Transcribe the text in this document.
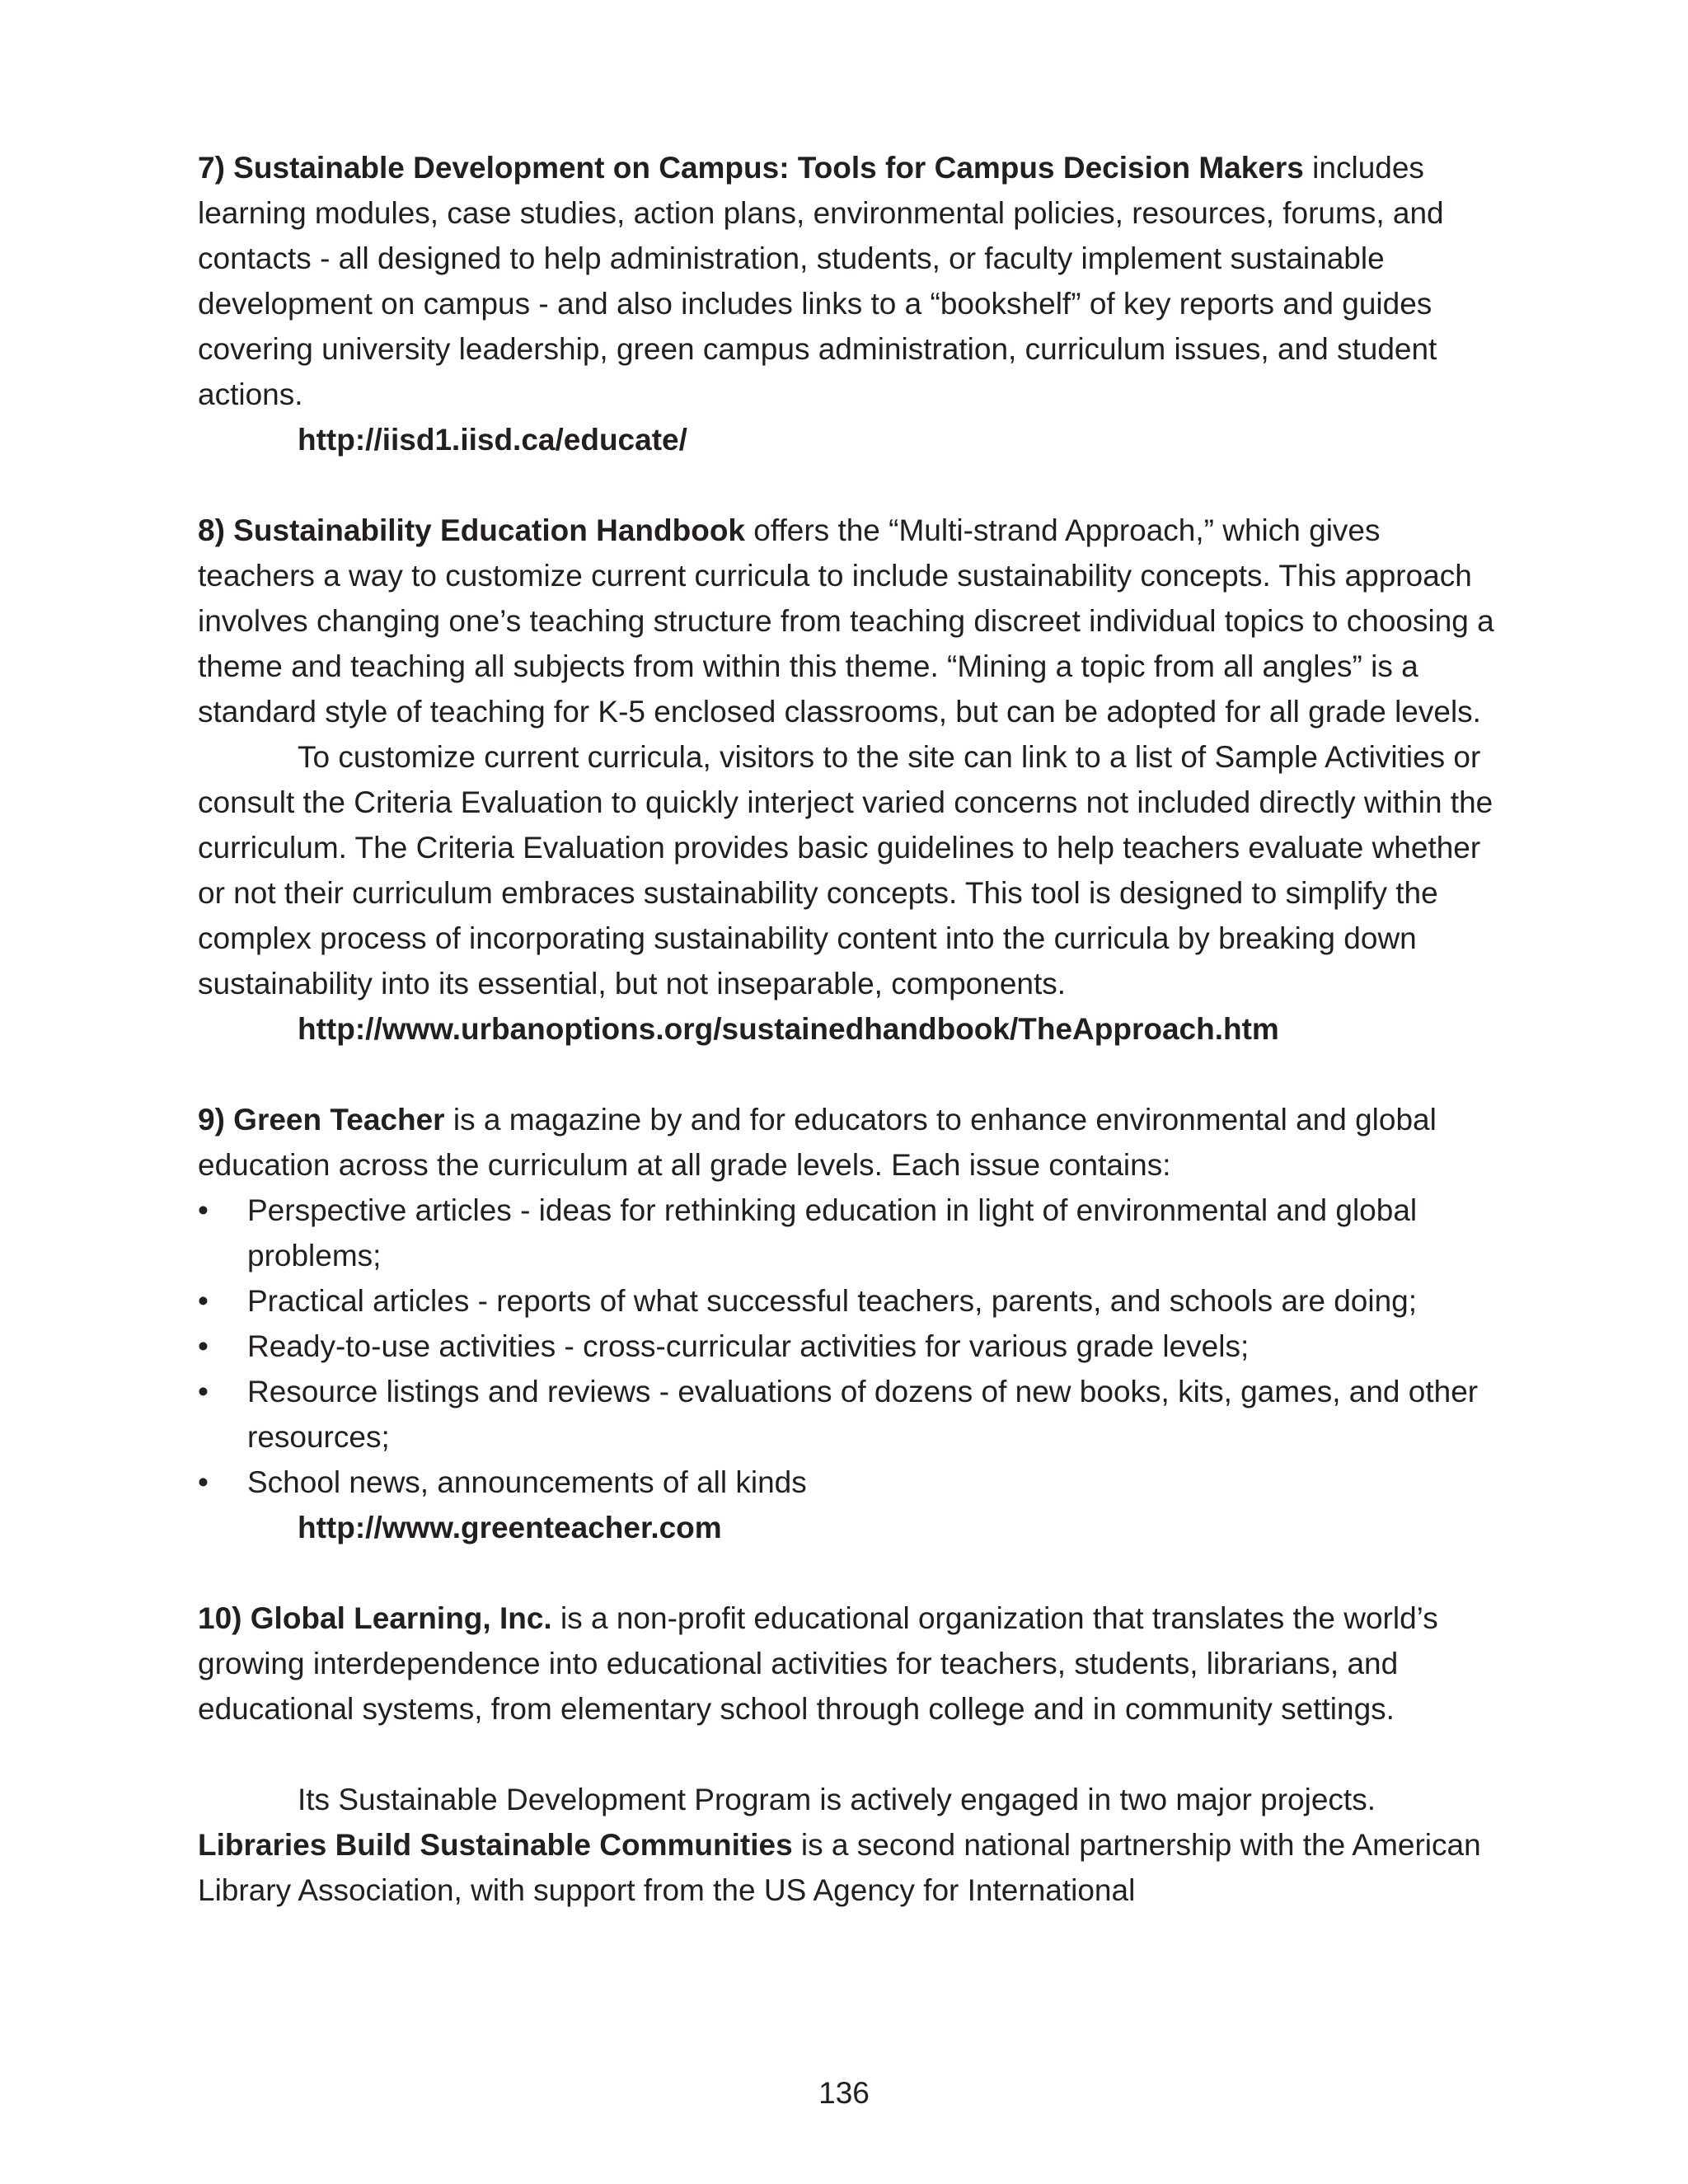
7) Sustainable Development on Campus: Tools for Campus Decision Makers includes learning modules, case studies, action plans, environmental policies, resources, forums, and contacts - all designed to help administration, students, or faculty implement sustainable development on campus - and also includes links to a “bookshelf” of key reports and guides covering university leadership, green campus administration, curriculum issues, and student actions.

http://iisd1.iisd.ca/educate/

8) Sustainability Education Handbook offers the “Multi-strand Approach,” which gives teachers a way to customize current curricula to include sustainability concepts. This approach involves changing one’s teaching structure from teaching discreet individual topics to choosing a theme and teaching all subjects from within this theme. “Mining a topic from all angles” is a standard style of teaching for K-5 enclosed classrooms, but can be adopted for all grade levels.

To customize current curricula, visitors to the site can link to a list of Sample Activities or consult the Criteria Evaluation to quickly interject varied concerns not included directly within the curriculum. The Criteria Evaluation provides basic guidelines to help teachers evaluate whether or not their curriculum embraces sustainability concepts. This tool is designed to simplify the complex process of incorporating sustainability content into the curricula by breaking down sustainability into its essential, but not inseparable, components.

http://www.urbanoptions.org/sustainedhandbook/TheApproach.htm

9) Green Teacher is a magazine by and for educators to enhance environmental and global education across the curriculum at all grade levels. Each issue contains:

• Perspective articles - ideas for rethinking education in light of environmental and global problems;
• Practical articles - reports of what successful teachers, parents, and schools are doing;
• Ready-to-use activities - cross-curricular activities for various grade levels;
• Resource listings and reviews - evaluations of dozens of new books, kits, games, and other resources;
• School news, announcements of all kinds

http://www.greenteacher.com

10) Global Learning, Inc. is a non-profit educational organization that translates the world’s growing interdependence into educational activities for teachers, students, librarians, and educational systems, from elementary school through college and in community settings.

Its Sustainable Development Program is actively engaged in two major projects.

Libraries Build Sustainable Communities is a second national partnership with the American Library Association, with support from the US Agency for International

136
